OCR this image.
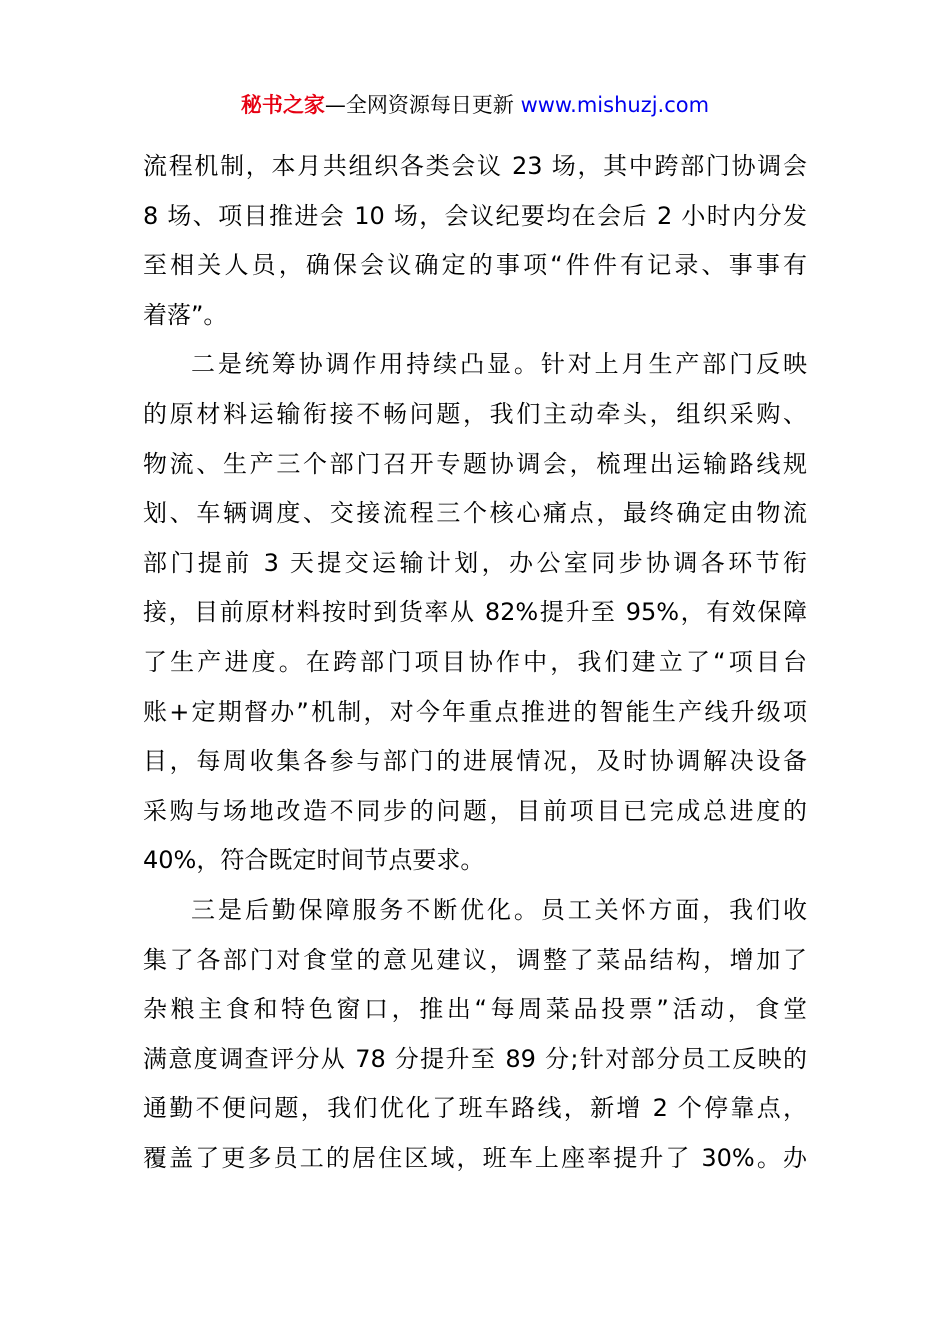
秘书之家—全网资源每日更新 www.mishuzj.com
流程机制，本月共组织各类会议 23 场，其中跨部门协调会
8 场、项目推进会 10 场，会议纪要均在会后 2 小时内分发
至相关人员，确保会议确定的事项“件件有记录、事事有
着落”。
二是统筹协调作用持续凸显。针对上月生产部门反映
的原材料运输衔接不畅问题，我们主动牵头，组织采购、
物流、生产三个部门召开专题协调会，梳理出运输路线规
划、车辆调度、交接流程三个核心痛点，最终确定由物流
部门提前 3 天提交运输计划，办公室同步协调各环节衔
接，目前原材料按时到货率从 82%提升至 95%，有效保障
了生产进度。在跨部门项目协作中，我们建立了“项目台
账+定期督办”机制，对今年重点推进的智能生产线升级项
目，每周收集各参与部门的进展情况，及时协调解决设备
采购与场地改造不同步的问题，目前项目已完成总进度的
40%，符合既定时间节点要求。
三是后勤保障服务不断优化。员工关怀方面，我们收
集了各部门对食堂的意见建议，调整了菜品结构，增加了
杂粮主食和特色窗口，推出“每周菜品投票”活动，食堂
满意度调查评分从 78 分提升至 89 分;针对部分员工反映的
通勤不便问题，我们优化了班车路线，新增 2 个停靠点，
覆盖了更多员工的居住区域，班车上座率提升了 30%。办
